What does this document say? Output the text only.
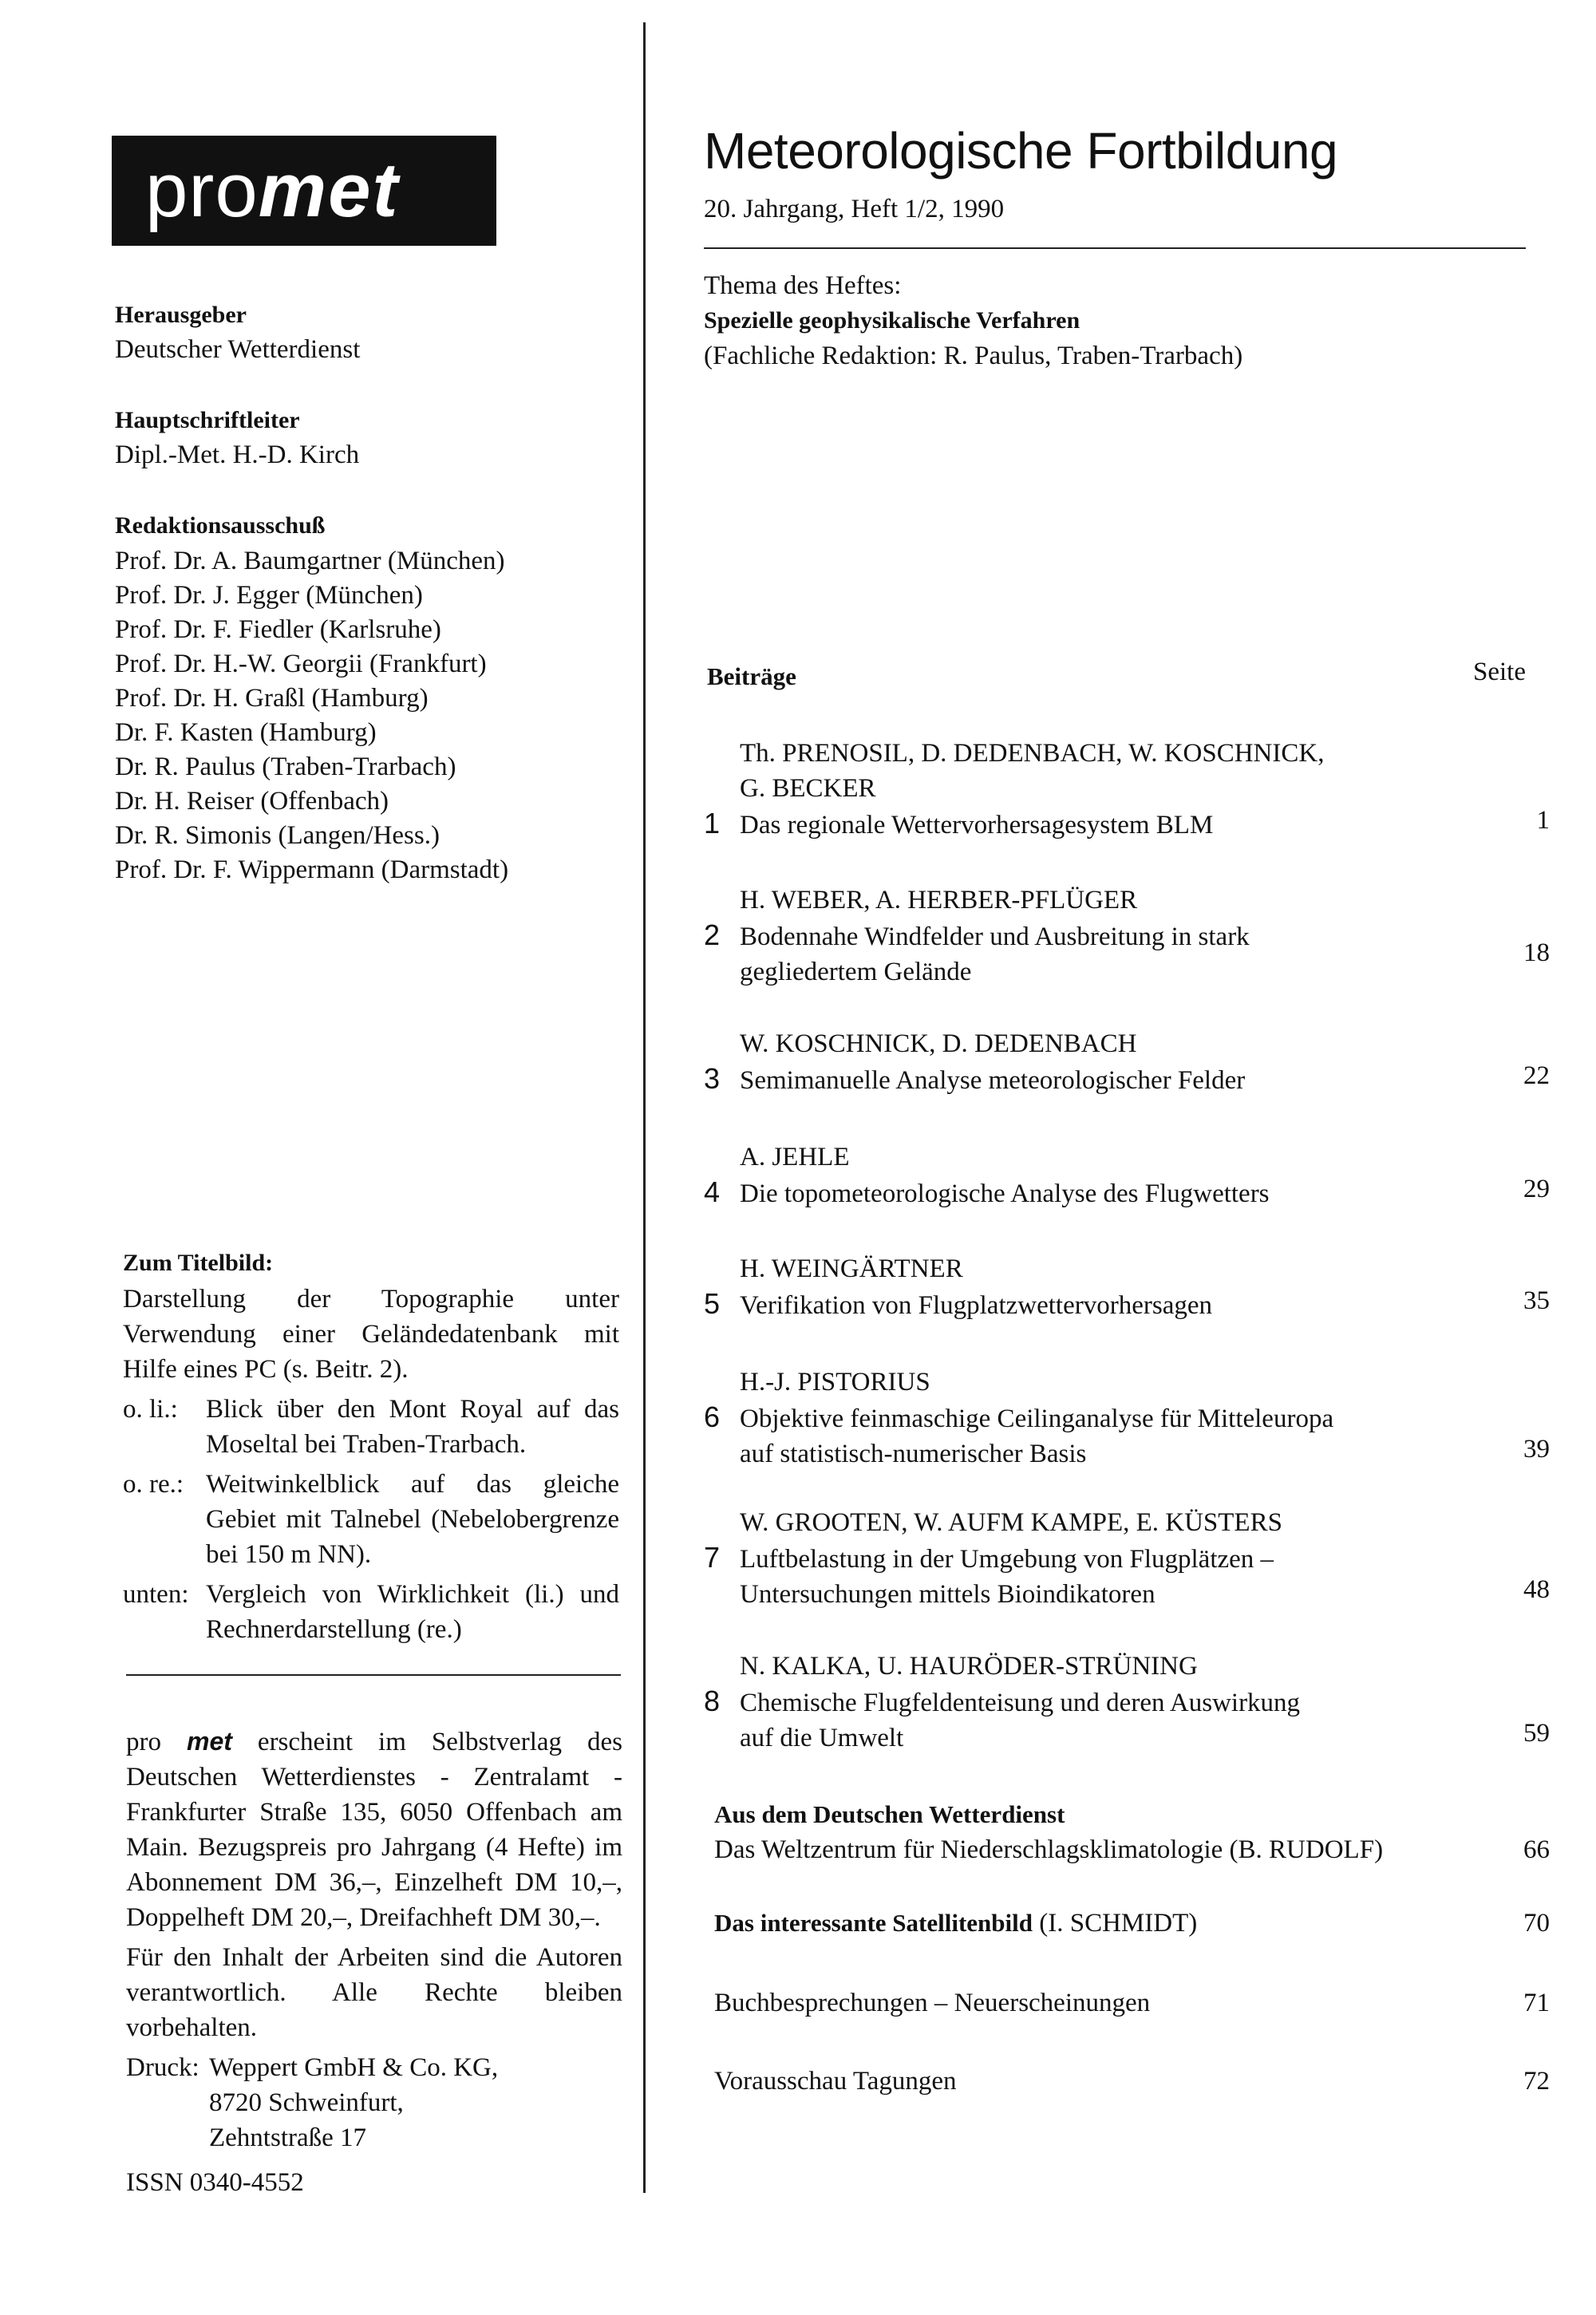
pro met
Herausgeber
Deutscher Wetterdienst
Hauptschriftleiter
Dipl.-Met. H.-D. Kirch
Redaktionsausschuß
Prof. Dr. A. Baumgartner (München)
Prof. Dr. J. Egger (München)
Prof. Dr. F. Fiedler (Karlsruhe)
Prof. Dr. H.-W. Georgii (Frankfurt)
Prof. Dr. H. Graßl (Hamburg)
Dr. F. Kasten (Hamburg)
Dr. R. Paulus (Traben-Trarbach)
Dr. H. Reiser (Offenbach)
Dr. R. Simonis (Langen/Hess.)
Prof. Dr. F. Wippermann (Darmstadt)
Zum Titelbild:
Darstellung der Topographie unter Verwendung einer Geländedatenbank mit Hilfe eines PC (s. Beitr. 2).
o. li.:	Blick über den Mont Royal auf das Moseltal bei Traben-Trarbach.
o. re.: Weitwinkelblick auf das gleiche Gebiet mit Talnebel (Nebelobergrenze bei 150 m NN).
unten: Vergleich von Wirklichkeit (li.) und Rechnerdarstellung (re.)
pro met erscheint im Selbstverlag des Deutschen Wetterdienstes - Zentralamt - Frankfurter Straße 135, 6050 Offenbach am Main. Bezugspreis pro Jahrgang (4 Hefte) im Abonnement DM 36,–, Einzelheft DM 10,–, Doppelheft DM 20,–, Dreifachheft DM 30,–.
Für den Inhalt der Arbeiten sind die Autoren verantwortlich. Alle Rechte bleiben vorbehalten.
Druck: Weppert GmbH & Co. KG,
8720 Schweinfurt,
Zehntstraße 17
ISSN 0340-4552
Meteorologische Fortbildung
20. Jahrgang, Heft 1/2, 1990
Thema des Heftes:
Spezielle geophysikalische Verfahren
(Fachliche Redaktion: R. Paulus, Traben-Trarbach)
Beiträge	Seite
Th. PRENOSIL, D. DEDENBACH, W. KOSCHNICK,
G. BECKER
1 Das regionale Wettervorhersagesystem BLM	1
H. WEBER, A. HERBER-PFLÜGER
2 Bodennahe Windfelder und Ausbreitung in stark
gegliedertem Gelände
18
W. KOSCHNICK, D. DEDENBACH
3 Semimanuelle Analyse meteorologischer Felder	22
A. JEHLE
4 Die topometeorologische Analyse des Flugwetters	29
H. WEINGÄRTNER
5 Verifikation von Flugplatzwettervorhersagen	35
H.-J. PISTORIUS
6 Objektive feinmaschige Ceilinganalyse für Mitteleuropa
auf statistisch-numerischer Basis	39
W. GROOTEN, W. AUFM KAMPE, E. KÜSTERS
7 Luftbelastung in der Umgebung von Flugplätzen –
Untersuchungen mittels Bioindikatoren	48
N. KALKA, U. HAURÖDER-STRÜNING
8 Chemische Flugfeldenteisung und deren Auswirkung
auf die Umwelt	59
Aus dem Deutschen Wetterdienst
Das Weltzentrum für Niederschlagsklimatologie (B. RUDOLF)	66
Das interessante Satellitenbild (I. SCHMIDT)	70
Buchbesprechungen – Neuerscheinungen	71
Vorausschau Tagungen	72
